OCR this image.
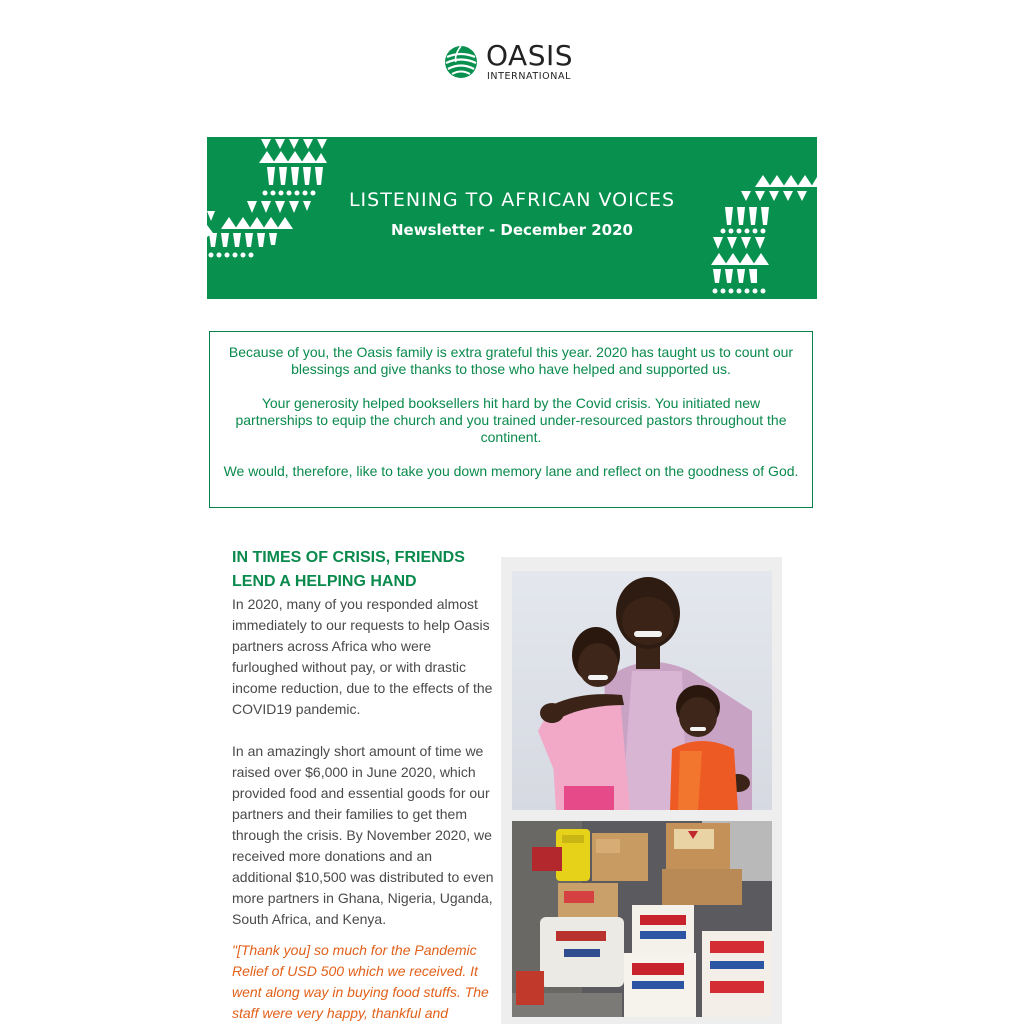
OASIS
INTERNATIONAL
LISTENING TO AFRICAN VOICES
Newsletter - December 2020

Because of you, the Oasis family is extra grateful this year. 2020 has taught us to count our blessings and give thanks to those who have helped and supported us.

Your generosity helped booksellers hit hard by the Covid crisis. You initiated new partnerships to equip the church and you trained under-resourced pastors throughout the continent.

We would, therefore, like to take you down memory lane and reflect on the goodness of God.

IN TIMES OF CRISIS, FRIENDS LEND A HELPING HAND

In 2020, many of you responded almost immediately to our requests to help Oasis partners across Africa who were furloughed without pay, or with drastic income reduction, due to the effects of the COVID19 pandemic.

In an amazingly short amount of time we raised over $6,000 in June 2020, which provided food and essential goods for our partners and their families to get them through the crisis. By November 2020, we received more donations and an additional $10,500 was distributed to even more partners in Ghana, Nigeria, Uganda, South Africa, and Kenya.

"[Thank you] so much for the Pandemic Relief of USD 500 which we received. It went along way in buying food stuffs. The staff were very happy, thankful and
